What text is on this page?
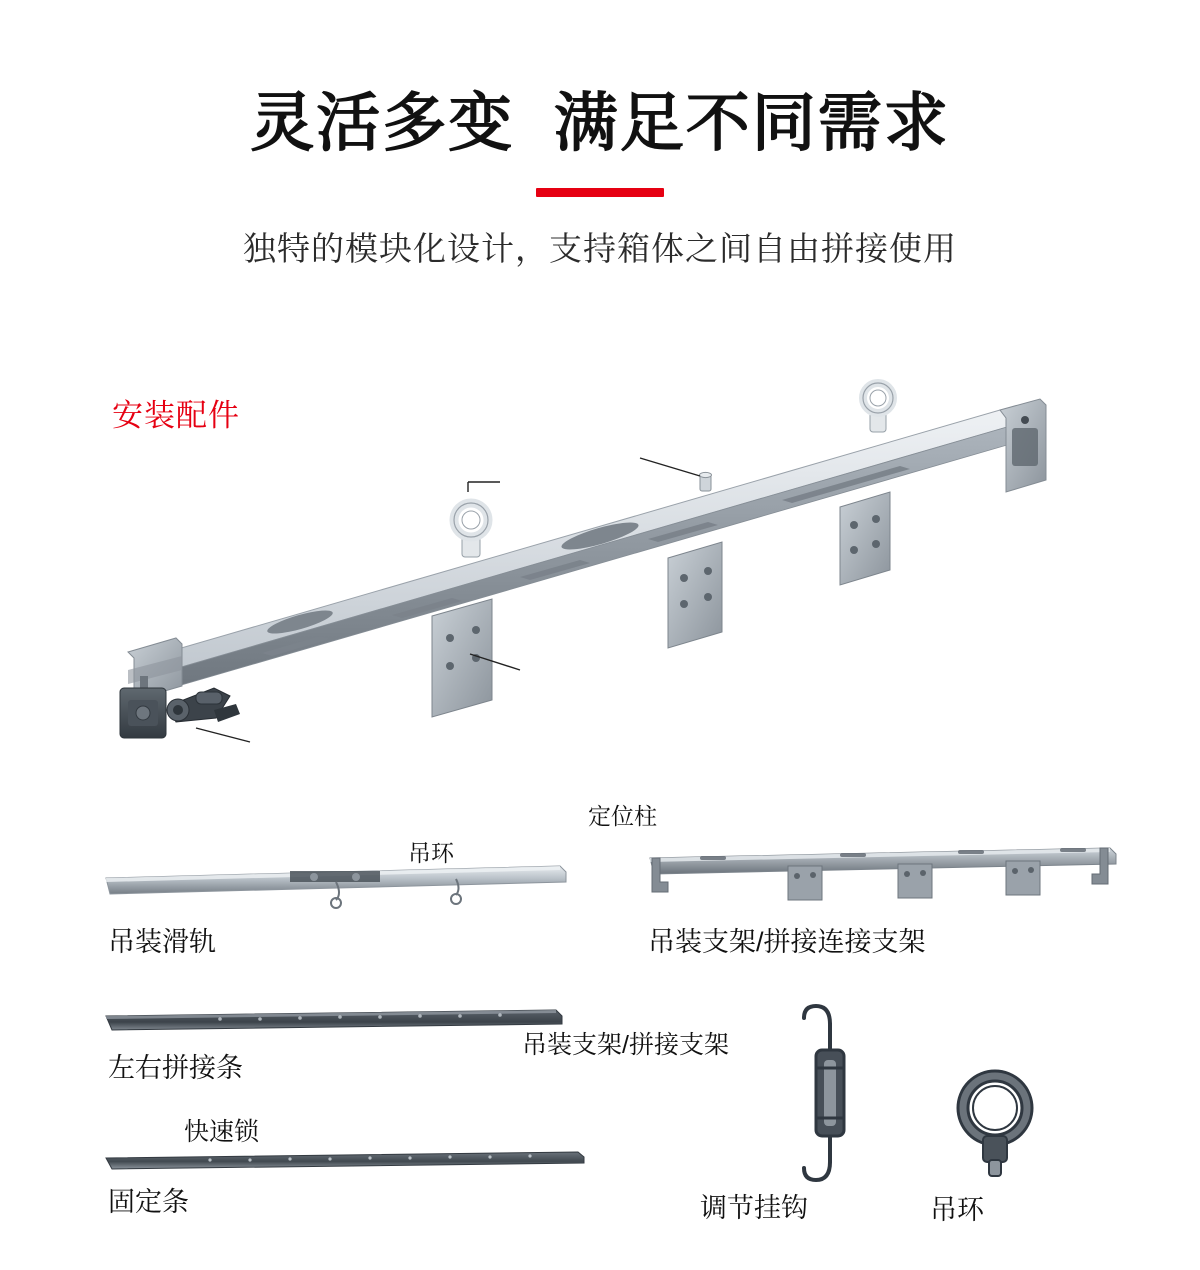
灵活多变  满足不同需求

独特的模块化设计，支持箱体之间自由拼接使用

安装配件
吊环
定位柱
吊装支架/拼接支架
快速锁
吊装滑轨	吊装支架/拼接连接支架
左右拼接条
固定条	调节挂钩	吊环
